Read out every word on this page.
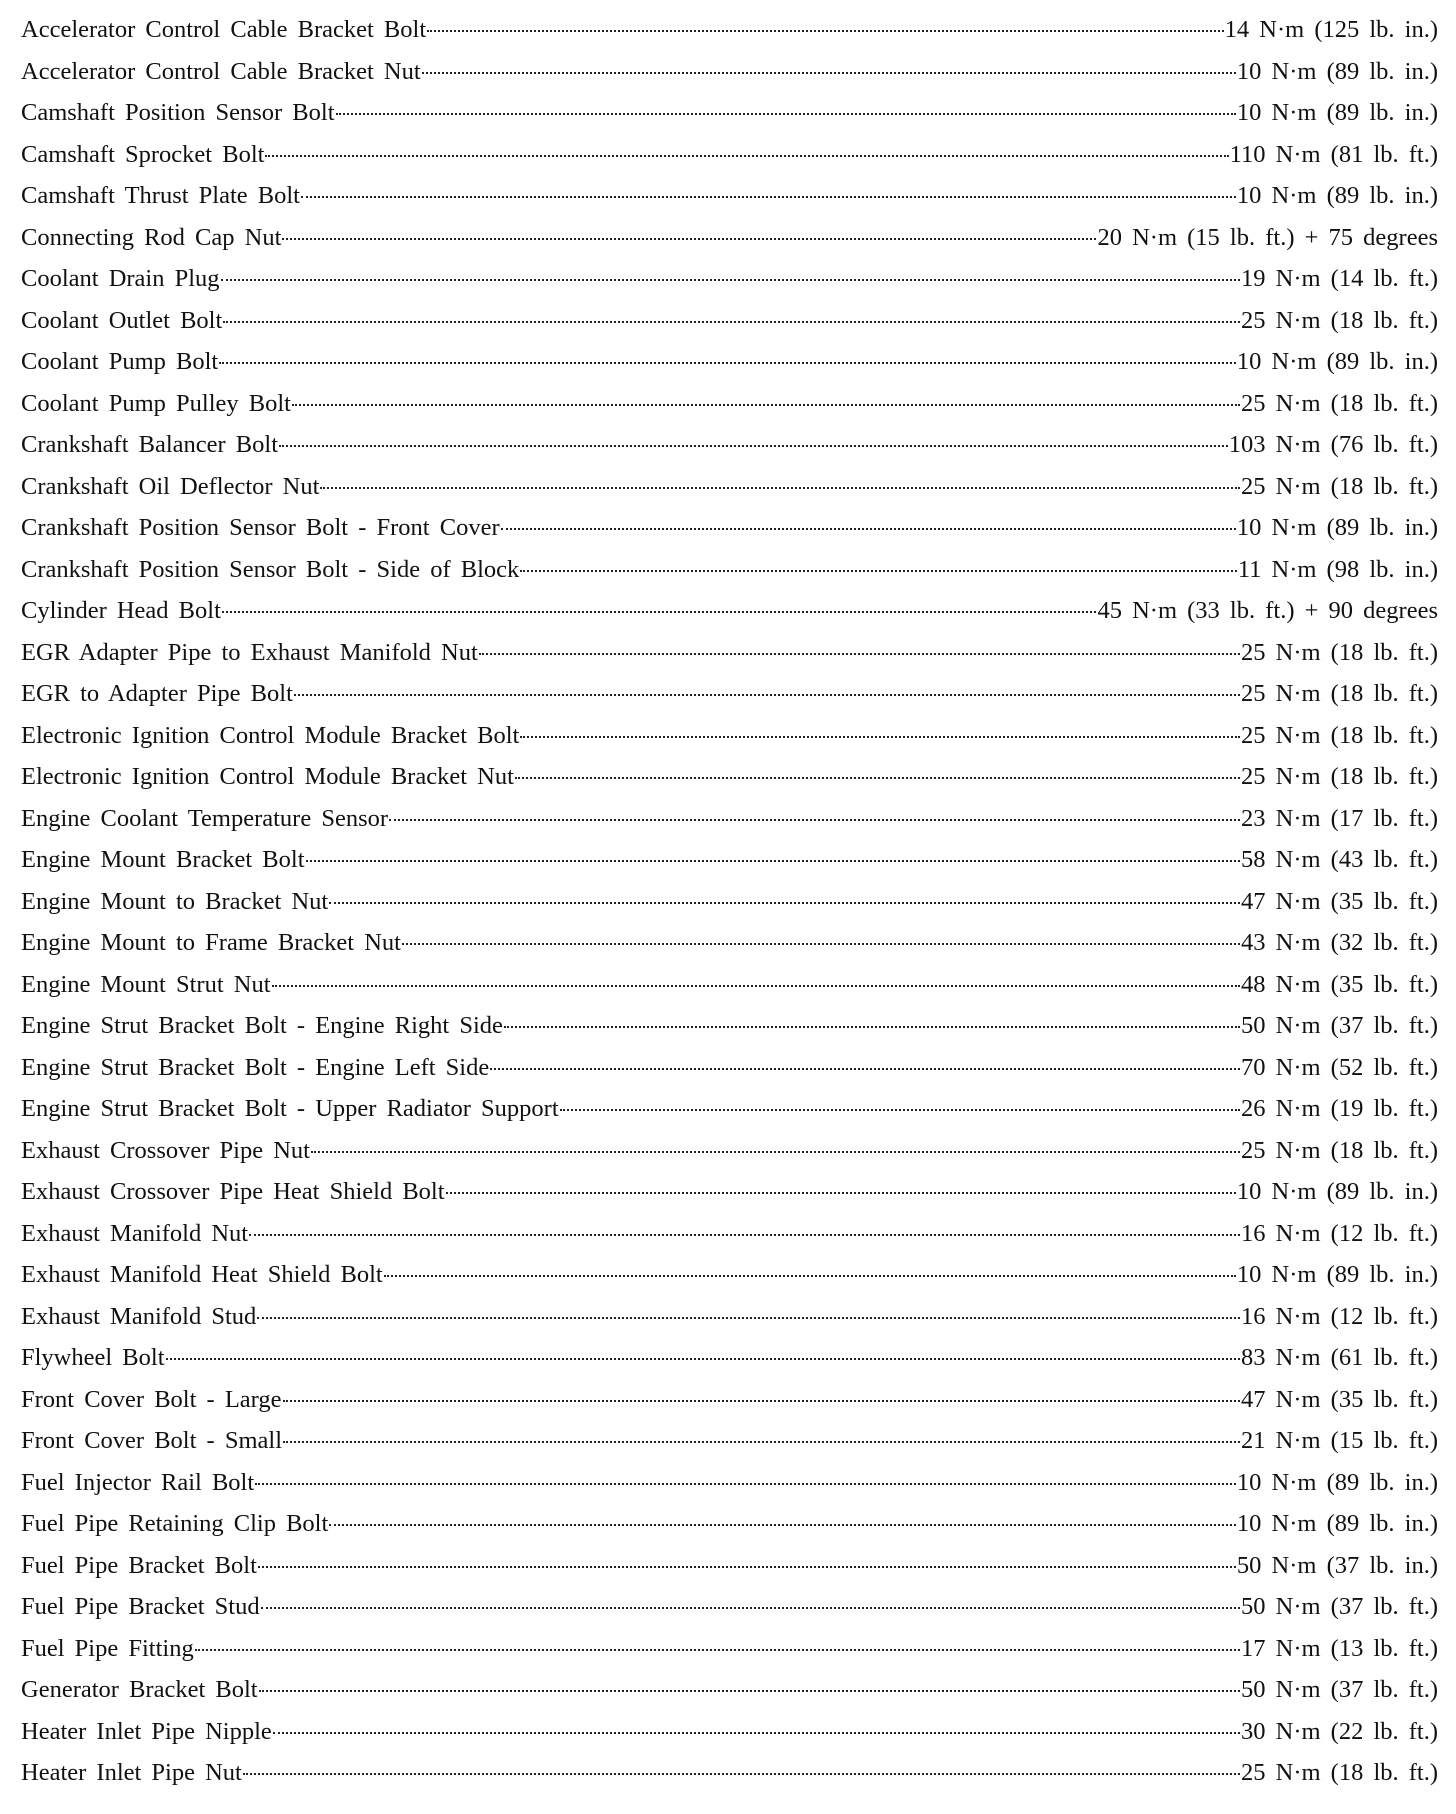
Accelerator Control Cable Bracket Bolt	14 N·m (125 lb. in.)
Accelerator Control Cable Bracket Nut	10 N·m (89 lb. in.)
Camshaft Position Sensor Bolt	10 N·m (89 lb. in.)
Camshaft Sprocket Bolt	110 N·m (81 lb. ft.)
Camshaft Thrust Plate Bolt	10 N·m (89 lb. in.)
Connecting Rod Cap Nut	20 N·m (15 lb. ft.) + 75 degrees
Coolant Drain Plug	19 N·m (14 lb. ft.)
Coolant Outlet Bolt	25 N·m (18 lb. ft.)
Coolant Pump Bolt	10 N·m (89 lb. in.)
Coolant Pump Pulley Bolt	25 N·m (18 lb. ft.)
Crankshaft Balancer Bolt	103 N·m (76 lb. ft.)
Crankshaft Oil Deflector Nut	25 N·m (18 lb. ft.)
Crankshaft Position Sensor Bolt - Front Cover	10 N·m (89 lb. in.)
Crankshaft Position Sensor Bolt - Side of Block	11 N·m (98 lb. in.)
Cylinder Head Bolt	45 N·m (33 lb. ft.) + 90 degrees
EGR Adapter Pipe to Exhaust Manifold Nut	25 N·m (18 lb. ft.)
EGR to Adapter Pipe Bolt	25 N·m (18 lb. ft.)
Electronic Ignition Control Module Bracket Bolt	25 N·m (18 lb. ft.)
Electronic Ignition Control Module Bracket Nut	25 N·m (18 lb. ft.)
Engine Coolant Temperature Sensor	23 N·m (17 lb. ft.)
Engine Mount Bracket Bolt	58 N·m (43 lb. ft.)
Engine Mount to Bracket Nut	47 N·m (35 lb. ft.)
Engine Mount to Frame Bracket Nut	43 N·m (32 lb. ft.)
Engine Mount Strut Nut	48 N·m (35 lb. ft.)
Engine Strut Bracket Bolt - Engine Right Side	50 N·m (37 lb. ft.)
Engine Strut Bracket Bolt - Engine Left Side	70 N·m (52 lb. ft.)
Engine Strut Bracket Bolt - Upper Radiator Support	26 N·m (19 lb. ft.)
Exhaust Crossover Pipe Nut	25 N·m (18 lb. ft.)
Exhaust Crossover Pipe Heat Shield Bolt	10 N·m (89 lb. in.)
Exhaust Manifold Nut	16 N·m (12 lb. ft.)
Exhaust Manifold Heat Shield Bolt	10 N·m (89 lb. in.)
Exhaust Manifold Stud	16 N·m (12 lb. ft.)
Flywheel Bolt	83 N·m (61 lb. ft.)
Front Cover Bolt - Large	47 N·m (35 lb. ft.)
Front Cover Bolt - Small	21 N·m (15 lb. ft.)
Fuel Injector Rail Bolt	10 N·m (89 lb. in.)
Fuel Pipe Retaining Clip Bolt	10 N·m (89 lb. in.)
Fuel Pipe Bracket Bolt	50 N·m (37 lb. in.)
Fuel Pipe Bracket Stud	50 N·m (37 lb. ft.)
Fuel Pipe Fitting	17 N·m (13 lb. ft.)
Generator Bracket Bolt	50 N·m (37 lb. ft.)
Heater Inlet Pipe Nipple	30 N·m (22 lb. ft.)
Heater Inlet Pipe Nut	25 N·m (18 lb. ft.)
